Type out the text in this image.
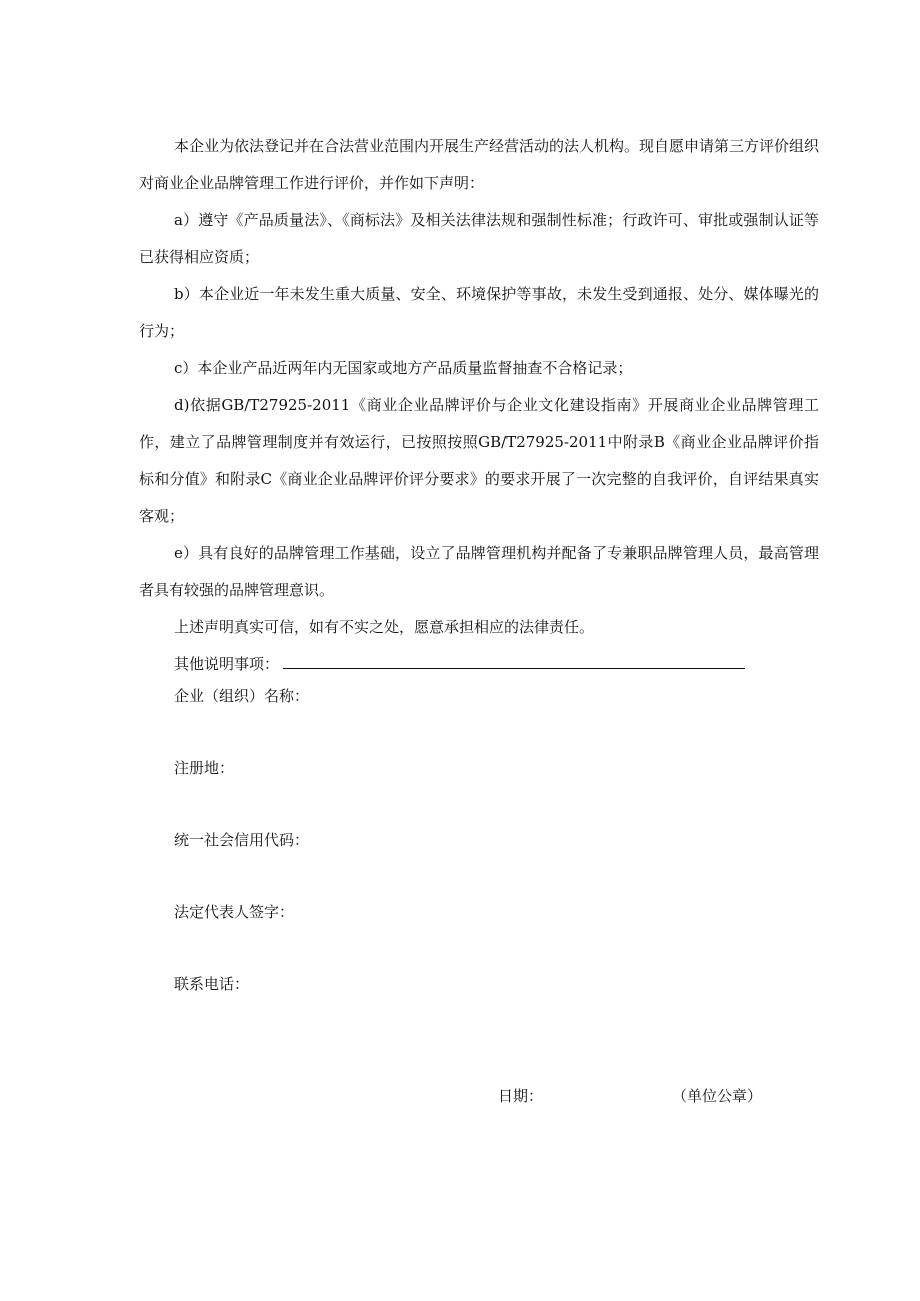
本企业为依法登记并在合法营业范围内开展生产经营活动的法人机构。现自愿申请第三方评价组织对商业企业品牌管理工作进行评价，并作如下声明：

a）遵守《产品质量法》、《商标法》及相关法律法规和强制性标准；行政许可、审批或强制认证等已获得相应资质；

b）本企业近一年未发生重大质量、安全、环境保护等事故，未发生受到通报、处分、媒体曝光的行为；

c）本企业产品近两年内无国家或地方产品质量监督抽查不合格记录；

d)依据GB/T27925-2011《商业企业品牌评价与企业文化建设指南》开展商业企业品牌管理工作，建立了品牌管理制度并有效运行，已按照按照GB/T27925-2011中附录B《商业企业品牌评价指标和分值》和附录C《商业企业品牌评价评分要求》的要求开展了一次完整的自我评价，自评结果真实客观；

e）具有良好的品牌管理工作基础，设立了品牌管理机构并配备了专兼职品牌管理人员，最高管理者具有较强的品牌管理意识。

上述声明真实可信，如有不实之处，愿意承担相应的法律责任。

其他说明事项：

企业（组织）名称：
注册地：
统一社会信用代码：
法定代表人签字：
联系电话：
日期：	（单位公章）
